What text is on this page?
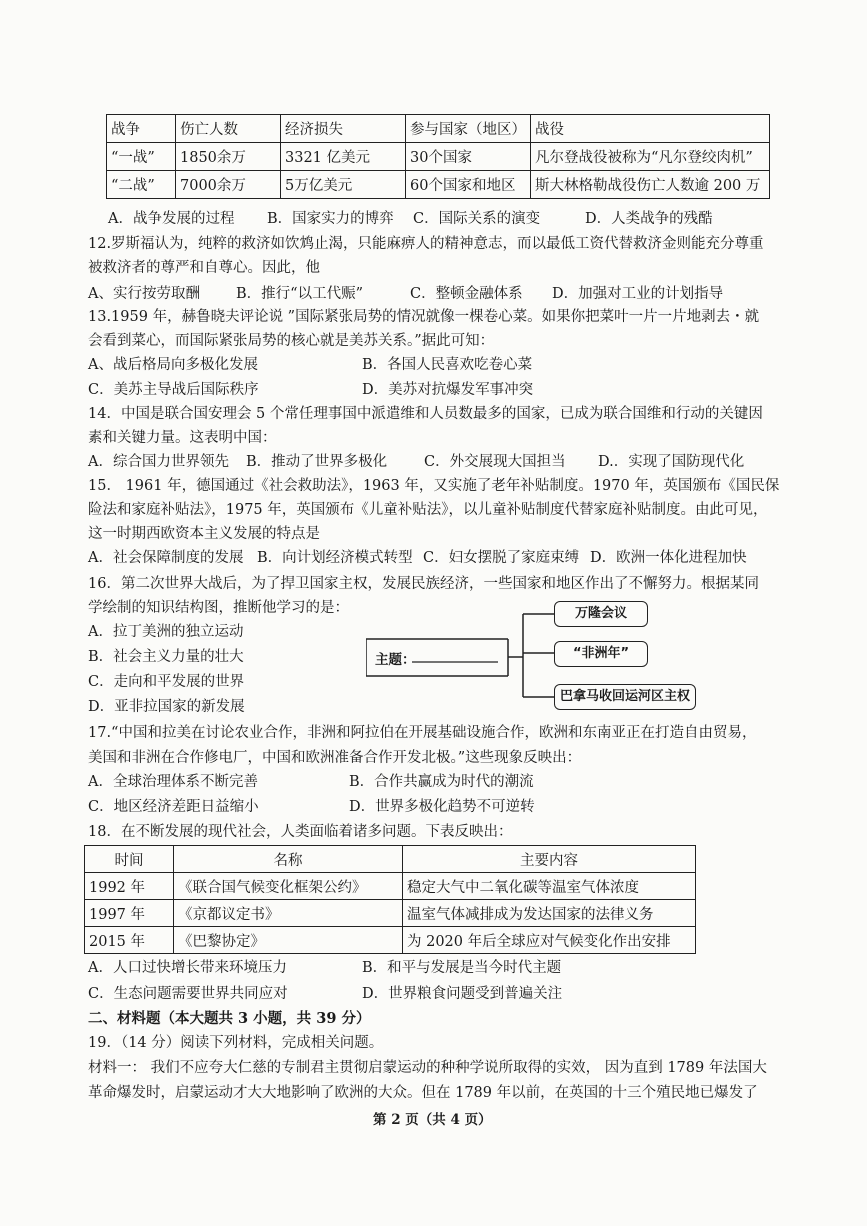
战争	伤亡人数	经济损失	参与国家（地区）	战役
“一战”	1850余万	3321 亿美元	30个国家	凡尔登战役被称为“凡尔登绞肉机”
“二战”	7000余万	5万亿美元	60个国家和地区	斯大林格勒战役伤亡人数逾 200 万
A．战争发展的过程 B．国家实力的博弈 C．国际关系的演变	D．人类战争的残酷
12.罗斯福认为，纯粹的救济如饮鸩止渴，只能麻痹人的精神意志，而以最低工资代替救济金则能充分尊重
被救济者的尊严和自尊心。因此，他
A、实行按劳取酬 B．推行“以工代赈”	C．整顿金融体系 D．加强对工业的计划指导
13.1959 年，赫鲁晓夫评论说 ”国际紧张局势的情况就像一棵卷心菜。如果你把菜叶一片一片地剥去・就
会看到菜心，而国际紧张局势的核心就是美苏关系。”据此可知：
A、战后格局向多极化发展	B．各国人民喜欢吃卷心菜
C．美苏主导战后国际秩序	D．美苏对抗爆发军事冲突
14．中国是联合国安理会 5 个常任理事国中派遣维和人员数最多的国家，已成为联合国维和行动的关键因
素和关键力量。这表明中国：
A．综合国力世界领先 B．推动了世界多极化	C．外交展现大国担当 D.．实现了国防现代化
15． 1961 年，德国通过《社会救助法》，1963 年，又实施了老年补贴制度。1970 年，英国颁布《国民保
险法和家庭补贴法》，1975 年，英国颁布《儿童补贴法》，以儿童补贴制度代替家庭补贴制度。由此可见，
这一时期西欧资本主义发展的特点是
A．社会保障制度的发展 B．向计划经济模式转型 C．妇女摆脱了家庭束缚 D．欧洲一体化进程加快
16．第二次世界大战后，为了捍卫国家主权，发展民族经济，一些国家和地区作出了不懈努力。根据某同
学绘制的知识结构图，推断他学习的是：
A．拉丁美洲的独立运动
B．社会主义力量的壮大
C．走向和平发展的世界
D．亚非拉国家的新发展
主题：
万隆会议
“非洲年”
巴拿马收回运河区主权
17.“中国和拉美在讨论农业合作，非洲和阿拉伯在开展基础设施合作，欧洲和东南亚正在打造自由贸易，
美国和非洲在合作修电厂，中国和欧洲准备合作开发北极。”这些现象反映出：
A．全球治理体系不断完善	B．合作共赢成为时代的潮流
C．地区经济差距日益缩小	D．世界多极化趋势不可逆转
18．在不断发展的现代社会，人类面临着诸多问题。下表反映出：
时间	名称	主要内容
1992 年	《联合国气候变化框架公约》	稳定大气中二氧化碳等温室气体浓度
1997 年	《京都议定书》	温室气体减排成为发达国家的法律义务
2015 年	《巴黎协定》	为 2020 年后全球应对气候变化作出安排
A．人口过快增长带来环境压力	B．和平与发展是当今时代主题
C．生态问题需要世界共同应对	D．世界粮食问题受到普遍关注
二、材料题（本大题共 3 小题，共 39 分）
19．（14 分）阅读下列材料，完成相关问题。
材料一： 我们不应夸大仁慈的专制君主贯彻启蒙运动的种种学说所取得的实效， 因为直到 1789 年法国大
革命爆发时，启蒙运动才大大地影响了欧洲的大众。但在 1789 年以前，在英国的十三个殖民地已爆发了
第 2 页（共 4 页）
